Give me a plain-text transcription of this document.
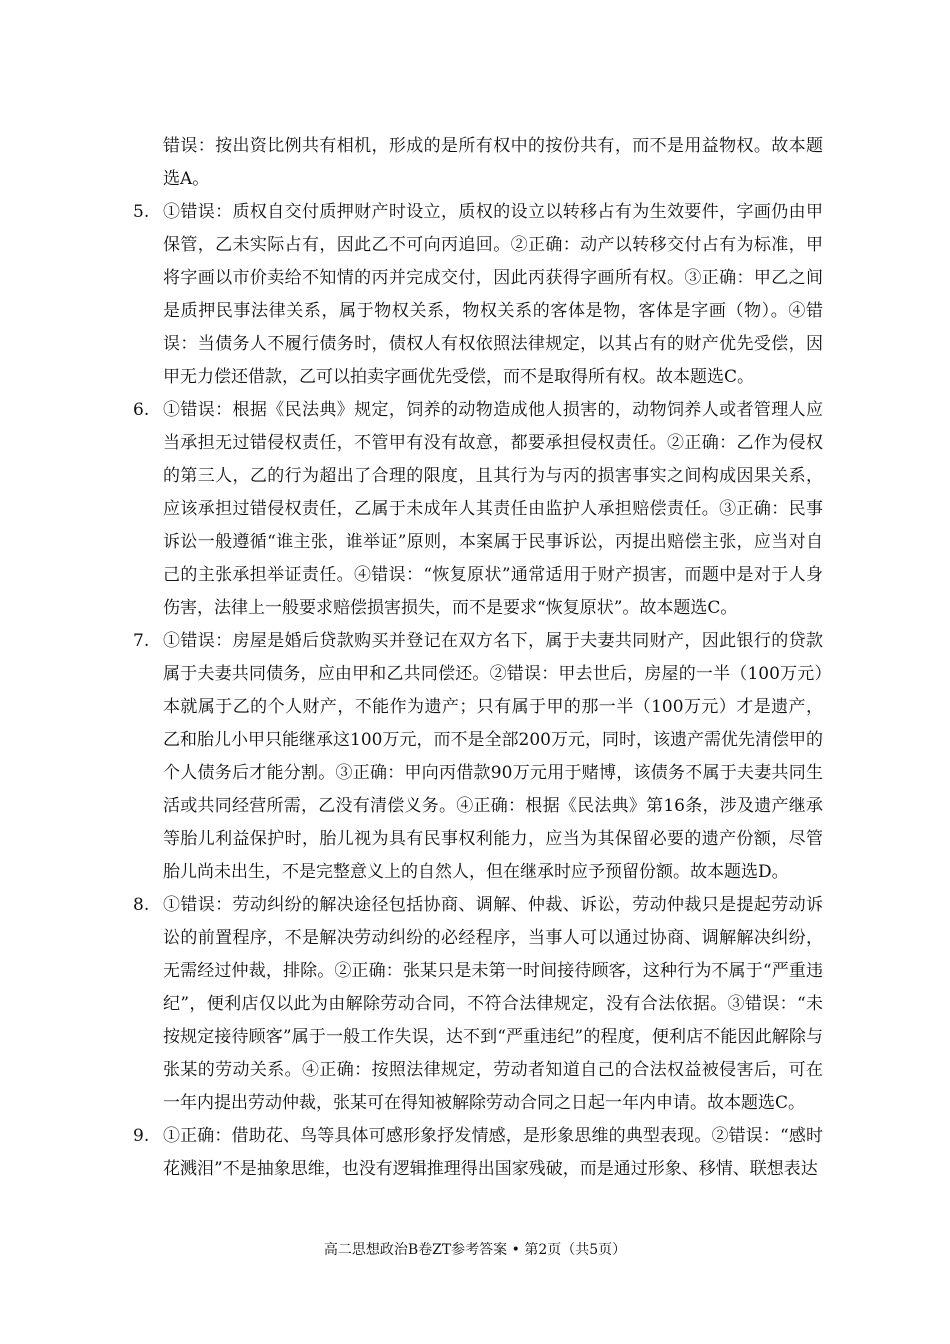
错误：按出资比例共有相机，形成的是所有权中的按份共有，而不是用益物权。故本题选A。

5. ①错误：质权自交付质押财产时设立，质权的设立以转移占有为生效要件，字画仍由甲保管，乙未实际占有，因此乙不可向丙追回。②正确：动产以转移交付占有为标准，甲将字画以市价卖给不知情的丙并完成交付，因此丙获得字画所有权。③正确：甲乙之间是质押民事法律关系，属于物权关系，物权关系的客体是物，客体是字画（物）。④错误：当债务人不履行债务时，债权人有权依照法律规定，以其占有的财产优先受偿，因甲无力偿还借款，乙可以拍卖字画优先受偿，而不是取得所有权。故本题选C。
6. ①错误：根据《民法典》规定，饲养的动物造成他人损害的，动物饲养人或者管理人应当承担无过错侵权责任，不管甲有没有故意，都要承担侵权责任。②正确：乙作为侵权的第三人，乙的行为超出了合理的限度，且其行为与丙的损害事实之间构成因果关系，应该承担过错侵权责任，乙属于未成年人其责任由监护人承担赔偿责任。③正确：民事诉讼一般遵循“谁主张，谁举证”原则，本案属于民事诉讼，丙提出赔偿主张，应当对自己的主张承担举证责任。④错误：“恢复原状”通常适用于财产损害，而题中是对于人身伤害，法律上一般要求赔偿损害损失，而不是要求“恢复原状”。故本题选C。
7. ①错误：房屋是婚后贷款购买并登记在双方名下，属于夫妻共同财产，因此银行的贷款属于夫妻共同债务，应由甲和乙共同偿还。②错误：甲去世后，房屋的一半（100万元）本就属于乙的个人财产，不能作为遗产；只有属于甲的那一半（100万元）才是遗产，乙和胎儿小甲只能继承这100万元，而不是全部200万元，同时，该遗产需优先清偿甲的个人债务后才能分割。③正确：甲向丙借款90万元用于赌博，该债务不属于夫妻共同生活或共同经营所需，乙没有清偿义务。④正确：根据《民法典》第16条，涉及遗产继承等胎儿利益保护时，胎儿视为具有民事权利能力，应当为其保留必要的遗产份额，尽管胎儿尚未出生，不是完整意义上的自然人，但在继承时应予预留份额。故本题选D。
8. ①错误：劳动纠纷的解决途径包括协商、调解、仲裁、诉讼，劳动仲裁只是提起劳动诉讼的前置程序，不是解决劳动纠纷的必经程序，当事人可以通过协商、调解解决纠纷，无需经过仲裁，排除。②正确：张某只是未第一时间接待顾客，这种行为不属于“严重违纪”，便利店仅以此为由解除劳动合同，不符合法律规定，没有合法依据。③错误：“未按规定接待顾客”属于一般工作失误，达不到“严重违纪”的程度，便利店不能因此解除与张某的劳动关系。④正确：按照法律规定，劳动者知道自己的合法权益被侵害后，可在一年内提出劳动仲裁，张某可在得知被解除劳动合同之日起一年内申请。故本题选C。
9. ①正确：借助花、鸟等具体可感形象抒发情感，是形象思维的典型表现。②错误：“感时花溅泪”不是抽象思维，也没有逻辑推理得出国家残破，而是通过形象、移情、联想表达
高二思想政治B卷ZT参考答案 • 第2页（共5页）
